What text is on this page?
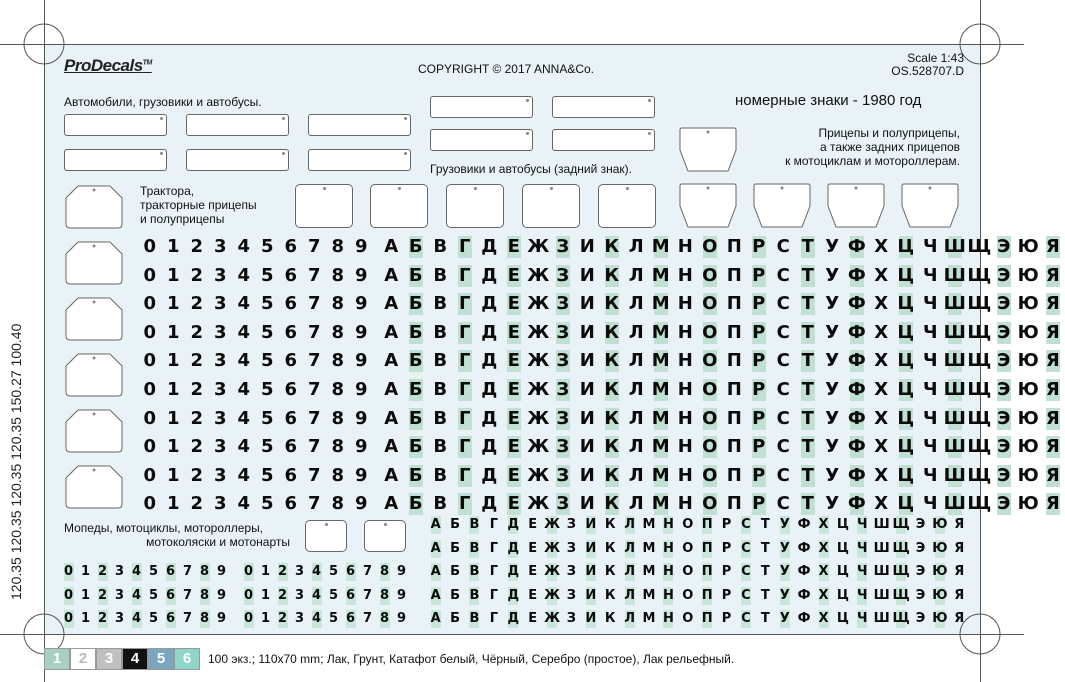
ProDecals™	COPYRIGHT © 2017 ANNA&Co.
Scale 1:43
OS.528707.D
Автомобили, грузовики и автобусы.	номерные знаки - 1980 год
Прицепы и полуприцепы,
а также задних прицепов
к мотоциклам и мотороллерам.
Грузовики и автобусы (задний знак).
Трактора,
тракторные прицепы
и полуприцепы
Мопеды, мотоциклы, мотороллеры,
мотоколяски и мотонарты
0 1 2 3 4 5 6 7 8 9 А Б В Г Д Е Ж З И К Л М Н О П Р С Т У Ф Х Ц Ч Ш Щ Э Ю Я
0 1 2 3 4 5 6 7 8 9 А Б В Г Д Е Ж З И К Л М Н О П Р С Т У Ф Х Ц Ч Ш Щ Э Ю Я
0 1 2 3 4 5 6 7 8 9 А Б В Г Д Е Ж З И К Л М Н О П Р С Т У Ф Х Ц Ч Ш Щ Э Ю Я
0 1 2 3 4 5 6 7 8 9 А Б В Г Д Е Ж З И К Л М Н О П Р С Т У Ф Х Ц Ч Ш Щ Э Ю Я
0 1 2 3 4 5 6 7 8 9 А Б В Г Д Е Ж З И К Л М Н О П Р С Т У Ф Х Ц Ч Ш Щ Э Ю Я
0 1 2 3 4 5 6 7 8 9 А Б В Г Д Е Ж З И К Л М Н О П Р С Т У Ф Х Ц Ч Ш Щ Э Ю Я
0 1 2 3 4 5 6 7 8 9 А Б В Г Д Е Ж З И К Л М Н О П Р С Т У Ф Х Ц Ч Ш Щ Э Ю Я
0 1 2 3 4 5 6 7 8 9 А Б В Г Д Е Ж З И К Л М Н О П Р С Т У Ф Х Ц Ч Ш Щ Э Ю Я
0 1 2 3 4 5 6 7 8 9 А Б В Г Д Е Ж З И К Л М Н О П Р С Т У Ф Х Ц Ч Ш Щ Э Ю Я
0 1 2 3 4 5 6 7 8 9 А Б В Г Д Е Ж З И К Л М Н О П Р С Т У Ф Х Ц Ч Ш Щ Э Ю Я
А Б В Г Д Е Ж З И К Л М Н О П Р С Т У Ф Х Ц Ч Ш Щ Э Ю Я
А Б В Г Д Е Ж З И К Л М Н О П Р С Т У Ф Х Ц Ч Ш Щ Э Ю Я
А Б В Г Д Е Ж З И К Л М Н О П Р С Т У Ф Х Ц Ч Ш Щ Э Ю Я
А Б В Г Д Е Ж З И К Л М Н О П Р С Т У Ф Х Ц Ч Ш Щ Э Ю Я
А Б В Г Д Е Ж З И К Л М Н О П Р С Т У Ф Х Ц Ч Ш Щ Э Ю Я
0 1 2 3 4 5 6 7 8 9
0 1 2 3 4 5 6 7 8 9
0 1 2 3 4 5 6 7 8 9
0 1 2 3 4 5 6 7 8 9
0 1 2 3 4 5 6 7 8 9
0 1 2 3 4 5 6 7 8 9
120.35 120.35 120.35 120.35 150.27 100.40
1	2	3	4	5	6	100 экз.; 110x70 mm; Лак, Грунт, Катафот белый, Чёрный, Серебро (простое), Лак рельефный.
